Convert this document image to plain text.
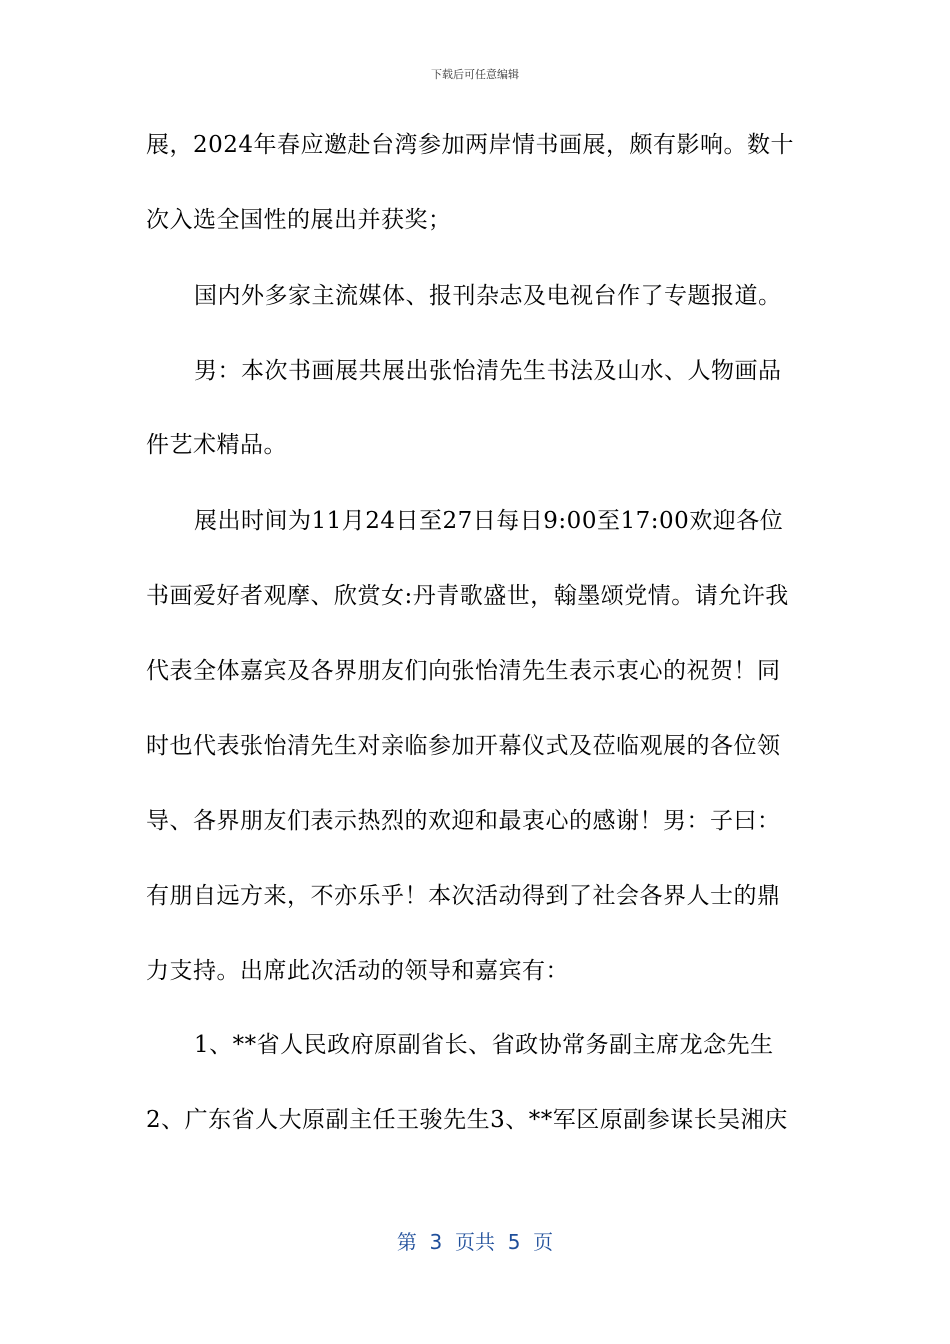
下载后可任意编辑
展，2024年春应邀赴台湾参加两岸情书画展，颇有影响。数十
次入选全国性的展出并获奖；
国内外多家主流媒体、报刊杂志及电视台作了专题报道。
男：本次书画展共展出张怡清先生书法及山水、人物画品
件艺术精品。
展出时间为11月24日至27日每日9:00至17:00欢迎各位
书画爱好者观摩、欣赏女:丹青歌盛世，翰墨颂党情。请允许我
代表全体嘉宾及各界朋友们向张怡清先生表示衷心的祝贺！同
时也代表张怡清先生对亲临参加开幕仪式及莅临观展的各位领
导、各界朋友们表示热烈的欢迎和最衷心的感谢！男：子曰：
有朋自远方来，不亦乐乎！本次活动得到了社会各界人士的鼎
力支持。出席此次活动的领导和嘉宾有：
1、**省人民政府原副省长、省政协常务副主席龙念先生
2、广东省人大原副主任王骏先生3、**军区原副参谋长吴湘庆
第  3  页共  5  页
